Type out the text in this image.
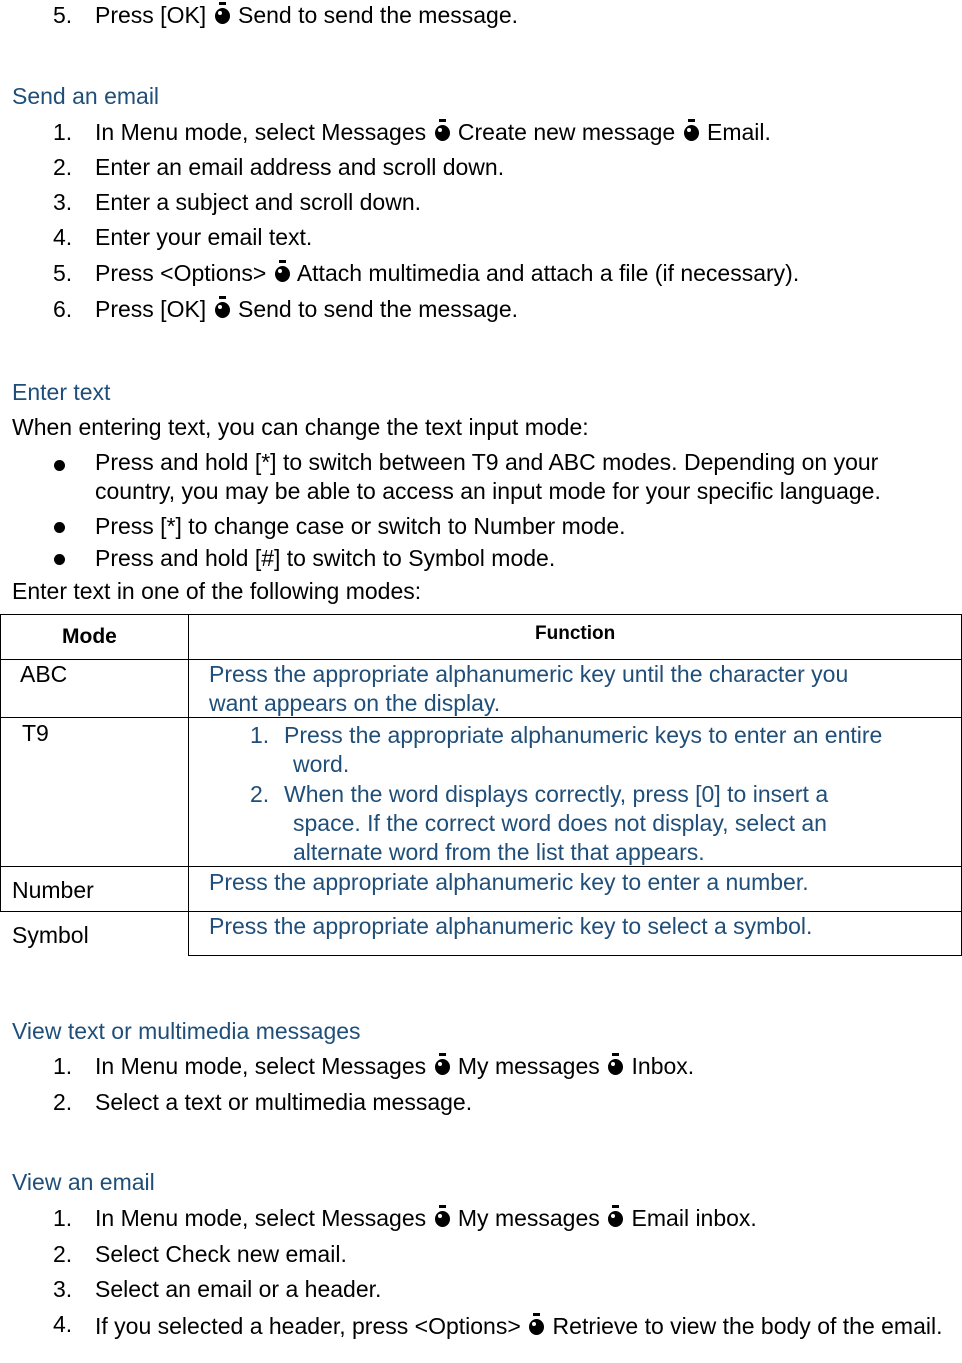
5. Press [OK]  Send to send the message.
Send an email
1. In Menu mode, select Messages  Create new message  Email.
2. Enter an email address and scroll down.
3. Enter a subject and scroll down.
4. Enter your email text.
5. Press <Options>  Attach multimedia and attach a file (if necessary).
6. Press [OK]  Send to send the message.
Enter text
When entering text, you can change the text input mode:
Press and hold [*] to switch between T9 and ABC modes. Depending on your country, you may be able to access an input mode for your specific language.
Press [*] to change case or switch to Number mode.
Press and hold [#] to switch to Symbol mode.
Enter text in one of the following modes:
Mode	Function
ABC	Press the appropriate alphanumeric key until the character you
want appears on the display.
T9	1. Press the appropriate alphanumeric keys to enter an entire
word.
2. When the word displays correctly, press [0] to insert a
space. If the correct word does not display, select an
alternate word from the list that appears.
Number	Press the appropriate alphanumeric key to enter a number.
Symbol	Press the appropriate alphanumeric key to select a symbol.
View text or multimedia messages
1. In Menu mode, select Messages  My messages  Inbox.
2. Select a text or multimedia message.
View an email
1. In Menu mode, select Messages  My messages  Email inbox.
2. Select Check new email.
3. Select an email or a header.
4. If you selected a header, press <Options>  Retrieve to view the body of the email.
